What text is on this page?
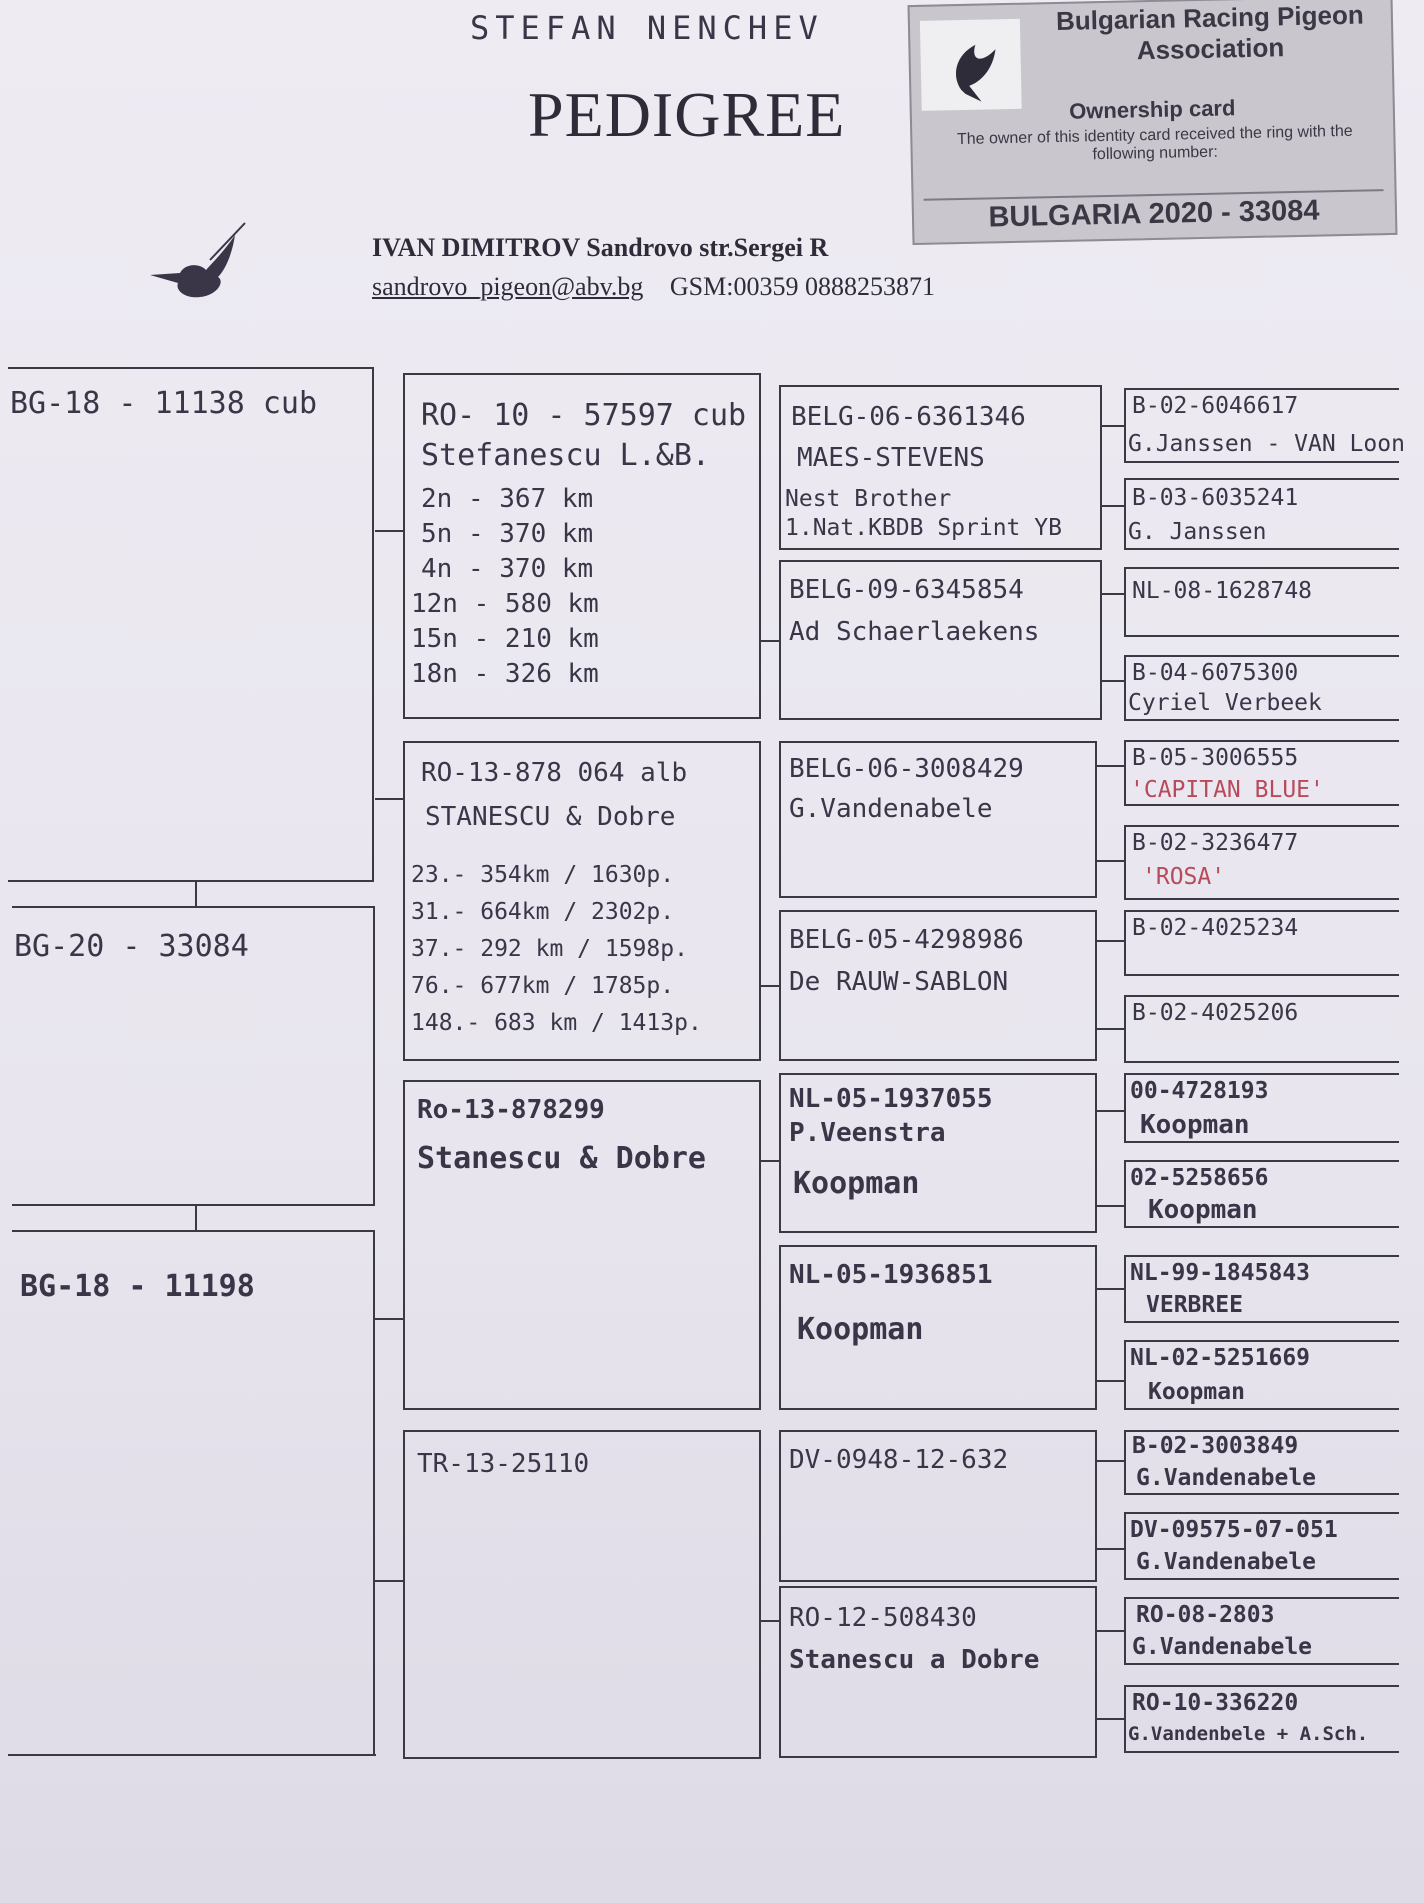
STEFAN NENCHEV
PEDIGREE
Bulgarian Racing Pigeon Association
Ownership card
The owner of this identity card received the ring with the following number:
BULGARIA 2020 - 33084
IVAN DIMITROV Sandrovo str.Sergei R
sandrovo_pigeon@abv.bg GSM:00359 0888253871
BG-18 - 11138 cub
BG-20 - 33084
BG-18 - 11198
RO- 10 - 57597 cub
Stefanescu L.&B.
2n - 367 km
5n - 370 km
4n - 370 km
12n - 580 km
15n - 210 km
18n - 326 km
RO-13-878 064 alb
STANESCU & Dobre
23.- 354km / 1630p.
31.- 664km / 2302p.
37.- 292 km / 1598p.
76.- 677km / 1785p.
148.- 683 km / 1413p.
Ro-13-878299
Stanescu & Dobre
TR-13-25110
BELG-06-6361346
MAES-STEVENS
Nest Brother
1.Nat.KBDB Sprint YB
BELG-09-6345854
Ad Schaerlaekens
BELG-06-3008429
G.Vandenabele
BELG-05-4298986
De RAUW-SABLON
NL-05-1937055
P.Veenstra
Koopman
NL-05-1936851
Koopman
DV-0948-12-632
RO-12-508430
Stanescu a Dobre
B-02-6046617
G.Janssen - VAN Loon
B-03-6035241
G. Janssen
NL-08-1628748
B-04-6075300
Cyriel Verbeek
B-05-3006555
'CAPITAN BLUE'
B-02-3236477
'ROSA'
B-02-4025234
B-02-4025206
00-4728193
Koopman
02-5258656
Koopman
NL-99-1845843
VERBREE
NL-02-5251669
Koopman
B-02-3003849
G.Vandenabele
DV-09575-07-051
G.Vandenabele
RO-08-2803
G.Vandenabele
RO-10-336220
G.Vandenbele + A.Sch.
